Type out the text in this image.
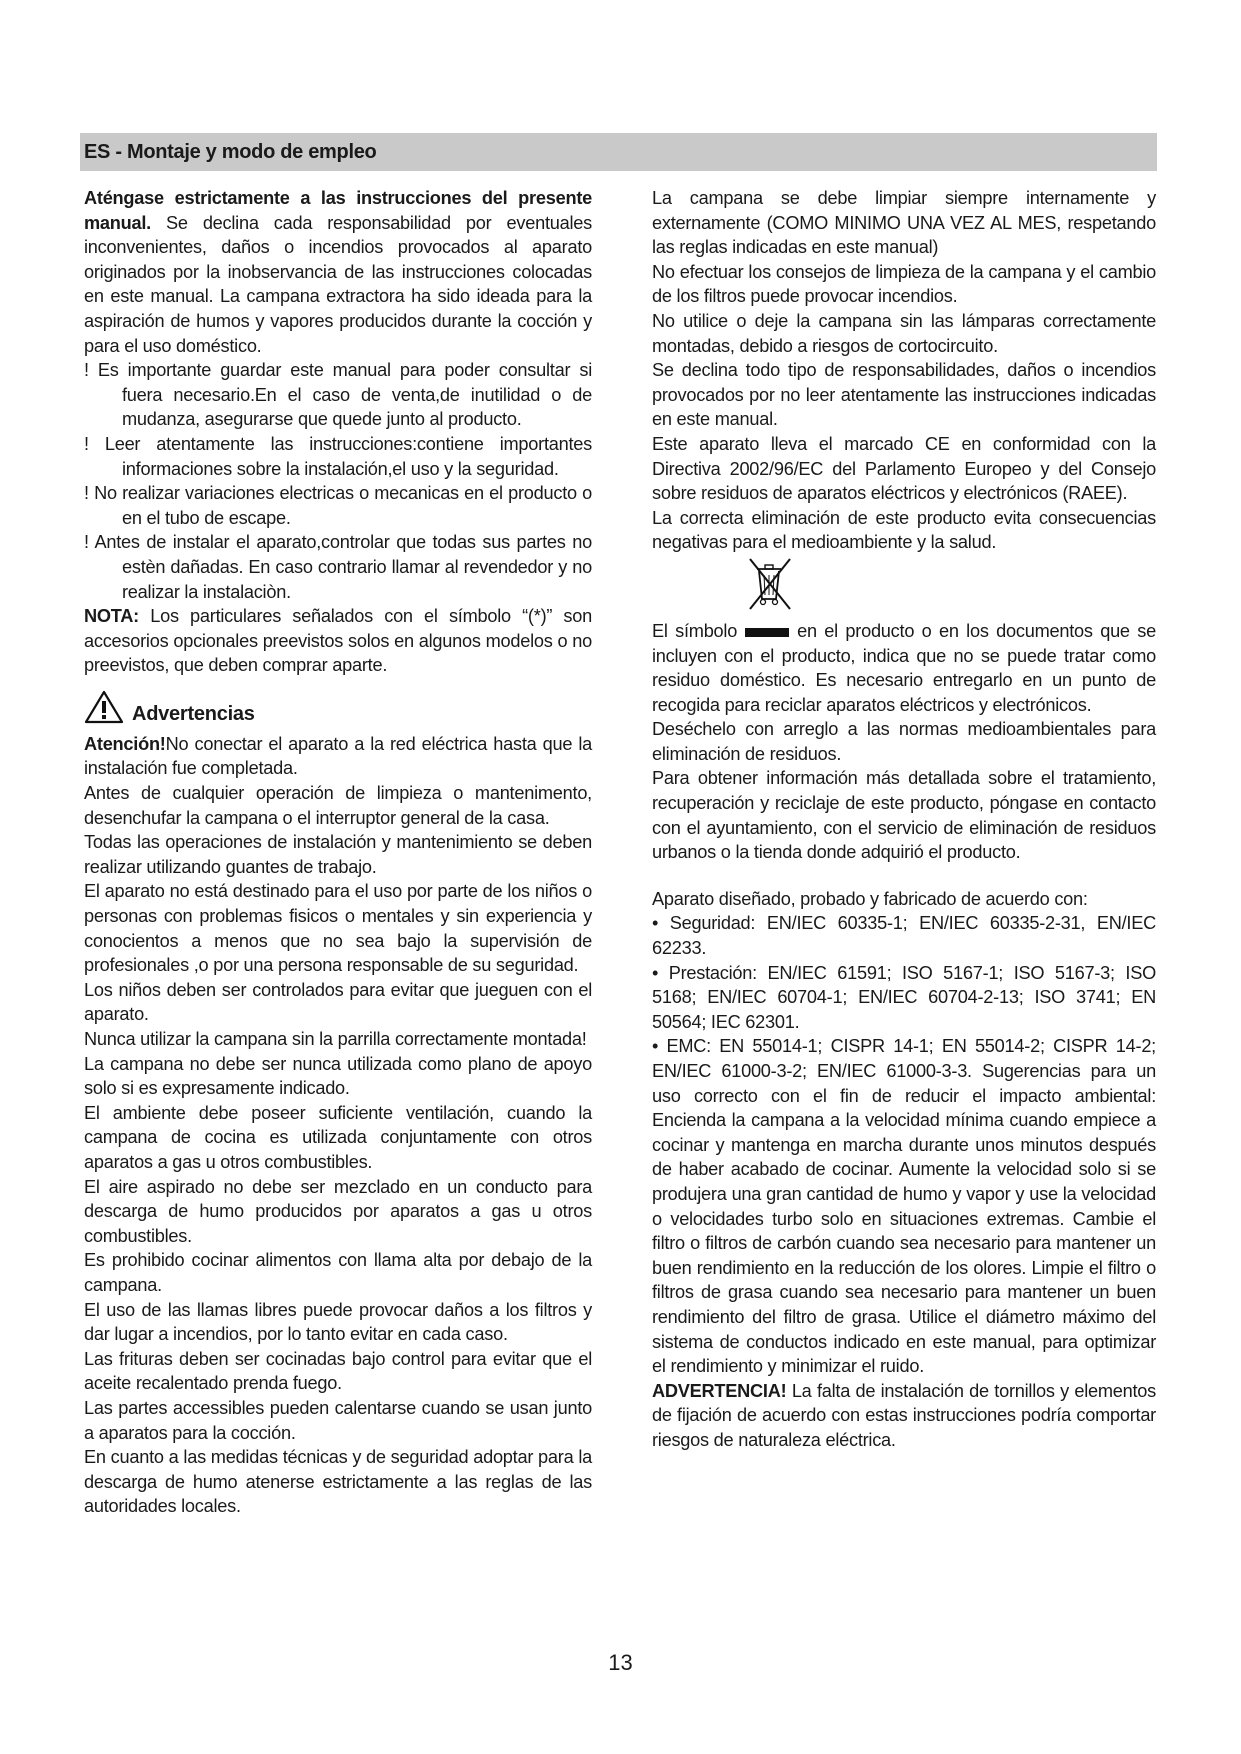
ES - Montaje y modo de empleo

Aténgase estrictamente a las instrucciones del presente manual. Se declina cada responsabilidad por eventuales inconvenientes, daños o incendios provocados al aparato originados por la inobservancia de las instrucciones colocadas en este manual. La campana extractora ha sido ideada para la aspiración de humos y vapores producidos durante la cocción y para el uso doméstico.

! Es importante guardar este manual para poder consultar si fuera necesario.En el caso de venta,de inutilidad o de mudanza, asegurarse que quede junto al producto.

! Leer atentamente las instrucciones:contiene importantes informaciones sobre la instalación,el uso y la seguridad.

! No realizar variaciones electricas o mecanicas en el producto o en el tubo de escape.

! Antes de instalar el aparato,controlar que todas sus partes no estèn dañadas. En caso contrario llamar al revendedor y no realizar la instalaciòn.

NOTA: Los particulares señalados con el símbolo “(*)” son accesorios opcionales preevistos solos en algunos modelos o no preevistos, que deben comprar aparte.

Advertencias

Atención!No conectar el aparato a la red eléctrica hasta que la instalación fue completada.

Antes de cualquier operación de limpieza o mantenimento, desenchufar la campana o el interruptor general de la casa.

Todas las operaciones de instalación y mantenimiento se deben realizar utilizando guantes de trabajo.

El aparato no está destinado para el uso por parte de los niños o personas con problemas fisicos o mentales y sin experiencia y conocientos a menos que no sea bajo la supervisión de profesionales ,o por una persona responsable de su seguridad.

Los niños deben ser controlados para evitar que jueguen con el aparato.

Nunca utilizar la campana sin la parrilla correctamente montada!

La campana no debe ser nunca utilizada como plano de apoyo solo si es expresamente indicado.

El ambiente debe poseer suficiente ventilación, cuando la campana de cocina es utilizada conjuntamente con otros aparatos a gas u otros combustibles.

El aire aspirado no debe ser mezclado en un conducto para descarga de humo producidos por aparatos a gas u otros combustibles.

Es prohibido cocinar alimentos con llama alta por debajo de la campana.

El uso de las llamas libres puede provocar daños a los filtros y dar lugar a incendios, por lo tanto evitar en cada caso.

Las frituras deben ser cocinadas bajo control para evitar que el aceite recalentado prenda fuego.

Las partes accessibles pueden calentarse cuando se usan junto a aparatos para la cocción.

En cuanto a las medidas técnicas y de seguridad adoptar para la descarga de humo atenerse estrictamente a las reglas de las autoridades locales.

La campana se debe limpiar siempre internamente y externamente (COMO MINIMO UNA VEZ AL MES, respetando las reglas indicadas en este manual)

No efectuar los consejos de limpieza de la campana y el cambio de los filtros puede provocar incendios.

No utilice o deje la campana sin las lámparas correctamente montadas, debido a riesgos de cortocircuito.

Se declina todo tipo de responsabilidades, daños o incendios provocados por no leer atentamente las instrucciones indicadas en este manual.

Este aparato lleva el marcado CE en conformidad con la Directiva 2002/96/EC del Parlamento Europeo y del Consejo sobre residuos de aparatos eléctricos y electrónicos (RAEE).

La correcta eliminación de este producto evita consecuencias negativas para el medioambiente y la salud.

El símbolo	en el producto o en los documentos que se incluyen con el producto, indica que no se puede tratar como residuo doméstico. Es necesario entregarlo en un punto de recogida para reciclar aparatos eléctricos y electrónicos.

Deséchelo con arreglo a las normas medioambientales para eliminación de residuos.

Para obtener información más detallada sobre el tratamiento, recuperación y reciclaje de este producto, póngase en contacto con el ayuntamiento, con el servicio de eliminación de residuos urbanos o la tienda donde adquirió el producto.

Aparato diseñado, probado y fabricado de acuerdo con:

• Seguridad: EN/IEC 60335-1; EN/IEC 60335-2-31, EN/IEC 62233.

• Prestación: EN/IEC 61591; ISO 5167-1; ISO 5167-3; ISO 5168; EN/IEC 60704-1; EN/IEC 60704-2-13; ISO 3741; EN 50564; IEC 62301.

• EMC: EN 55014-1; CISPR 14-1; EN 55014-2; CISPR 14-2; EN/IEC 61000-3-2; EN/IEC 61000-3-3. Sugerencias para un uso correcto con el fin de reducir el impacto ambiental: Encienda la campana a la velocidad mínima cuando empiece a cocinar y mantenga en marcha durante unos minutos después de haber acabado de cocinar. Aumente la velocidad solo si se produjera una gran cantidad de humo y vapor y use la velocidad o velocidades turbo solo en situaciones extremas. Cambie el filtro o filtros de carbón cuando sea necesario para mantener un buen rendimiento en la reducción de los olores. Limpie el filtro o filtros de grasa cuando sea necesario para mantener un buen rendimiento del filtro de grasa. Utilice el diámetro máximo del sistema de conductos indicado en este manual, para optimizar el rendimiento y minimizar el ruido.

ADVERTENCIA! La falta de instalación de tornillos y elementos de fijación de acuerdo con estas instrucciones podría comportar riesgos de naturaleza eléctrica.

13
